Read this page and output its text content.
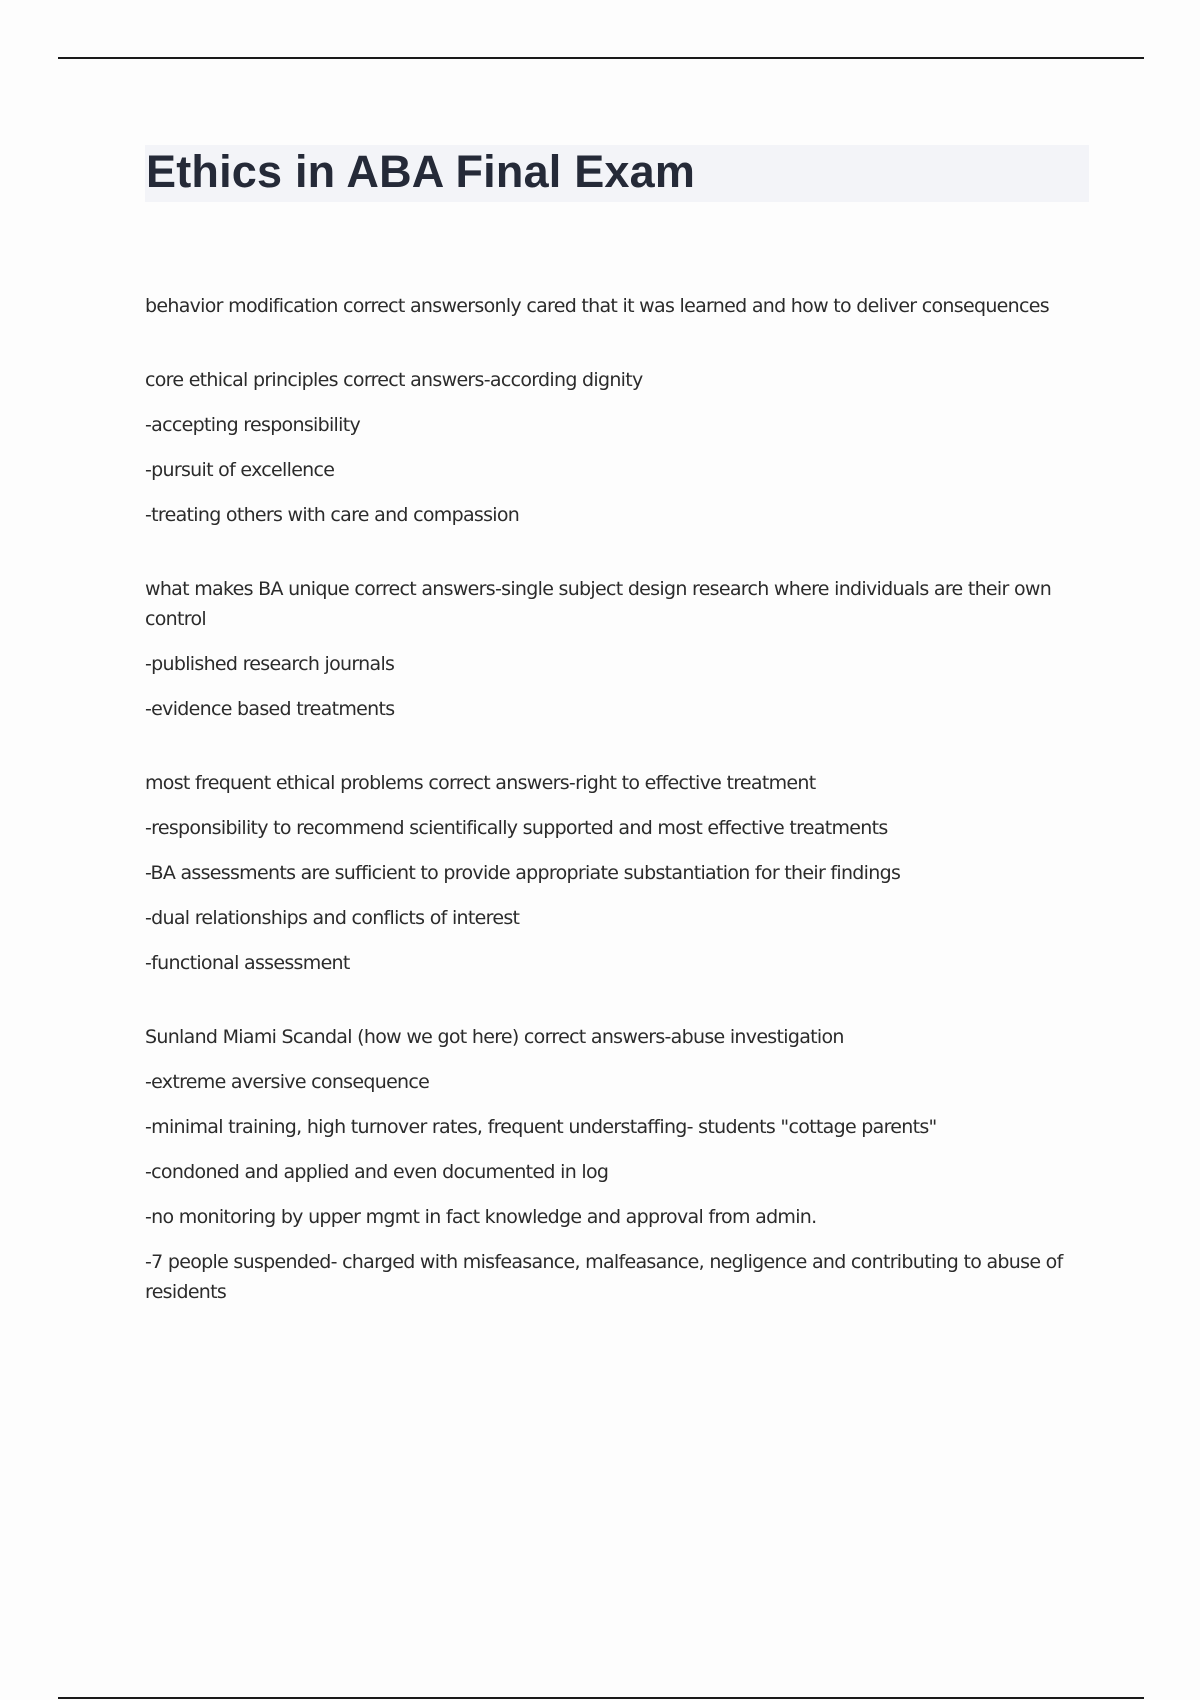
Ethics in ABA Final Exam

behavior modification correct answersonly cared that it was learned and how to deliver consequences

core ethical principles correct answers-according dignity

-accepting responsibility

-pursuit of excellence

-treating others with care and compassion

what makes BA unique correct answers-single subject design research where individuals are their own control

-published research journals

-evidence based treatments

most frequent ethical problems correct answers-right to effective treatment

-responsibility to recommend scientifically supported and most effective treatments

-BA assessments are sufficient to provide appropriate substantiation for their findings

-dual relationships and conflicts of interest

-functional assessment

Sunland Miami Scandal (how we got here) correct answers-abuse investigation

-extreme aversive consequence

-minimal training, high turnover rates, frequent understaffing- students "cottage parents"

-condoned and applied and even documented in log

-no monitoring by upper mgmt in fact knowledge and approval from admin.

-7 people suspended- charged with misfeasance, malfeasance, negligence and contributing to abuse of residents
